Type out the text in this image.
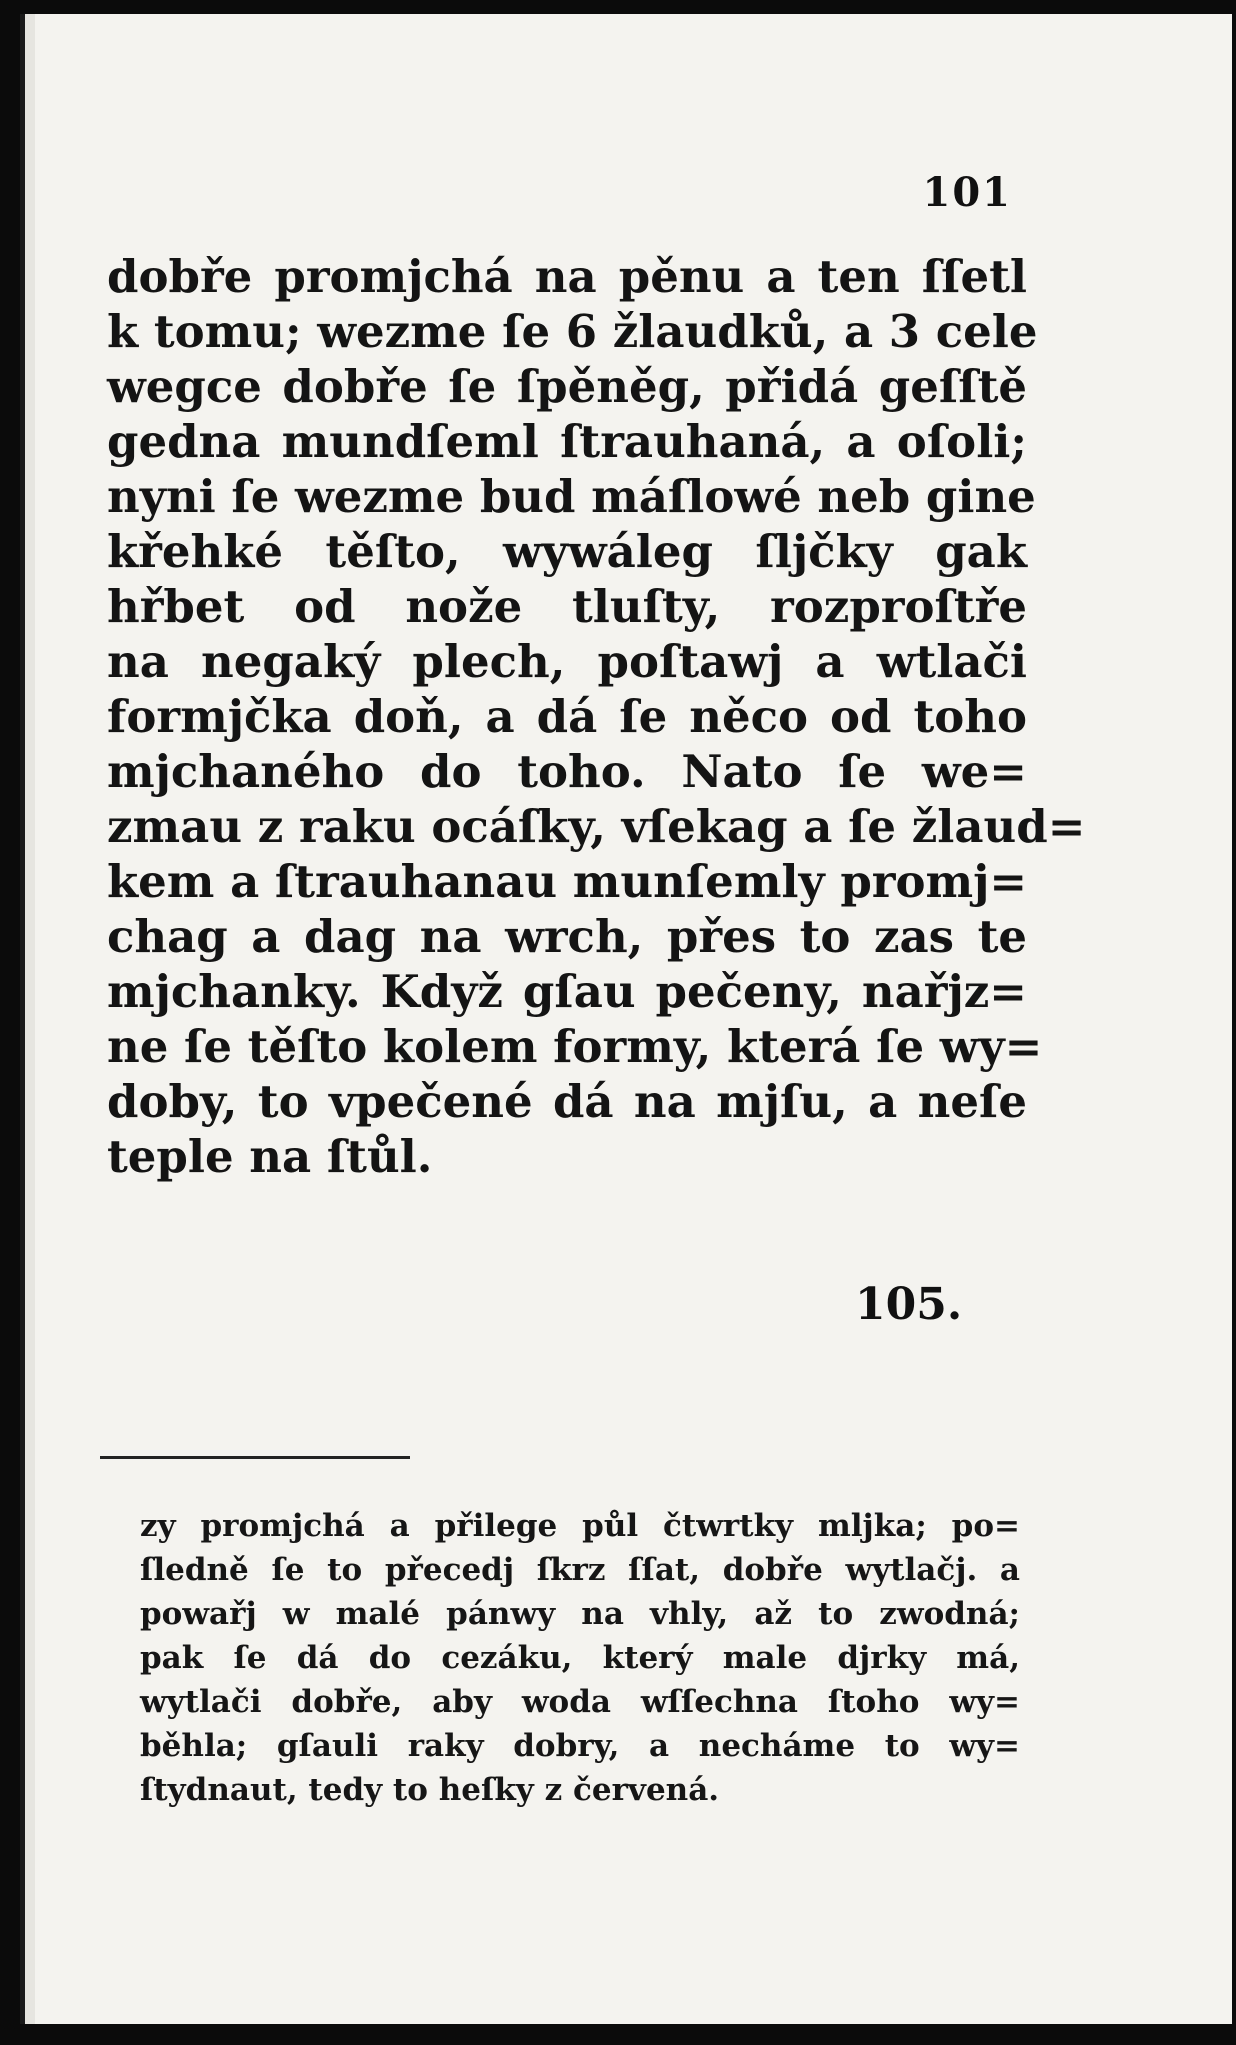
101
dobře promjchá na pěnu a ten ſſetl
k tomu; wezme ſe 6 žlaudků, a 3 cele
wegce dobře ſe ſpěněg, přidá geſſtě
gedna mundſeml ſtrauhaná, a oſoli;
nyni ſe wezme bud máſlowé neb gine
křehké těſto, wywáleg ſljčky gak
hřbet od nože tluſty, rozproſtře
na negaký plech, poſtawj a wtlači
formjčka doň, a dá ſe něco od toho
mjchaného do toho. Nato ſe we=
zmau z raku ocáſky, vſekag a ſe žlaud=
kem a ſtrauhanau munſemly promj=
chag a dag na wrch, přes to zas te
mjchanky. Když gſau pečeny, nařjz=
ne ſe těſto kolem formy, která ſe wy=
doby, to vpečené dá na mjſu, a neſe
teple na ſtůl.
105.
zy promjchá a přilege půl čtwrtky mljka; po=
ſledně ſe to přecedj ſkrz ſſat, dobře wytlačj. a
powařj w malé pánwy na vhly, až to zwodná;
pak ſe dá do cezáku, který male djrky má,
wytlači dobře, aby woda wſſechna ſtoho wy=
běhla; gſauli raky dobry, a necháme to wy=
ſtydnaut, tedy to heſky z červená.
